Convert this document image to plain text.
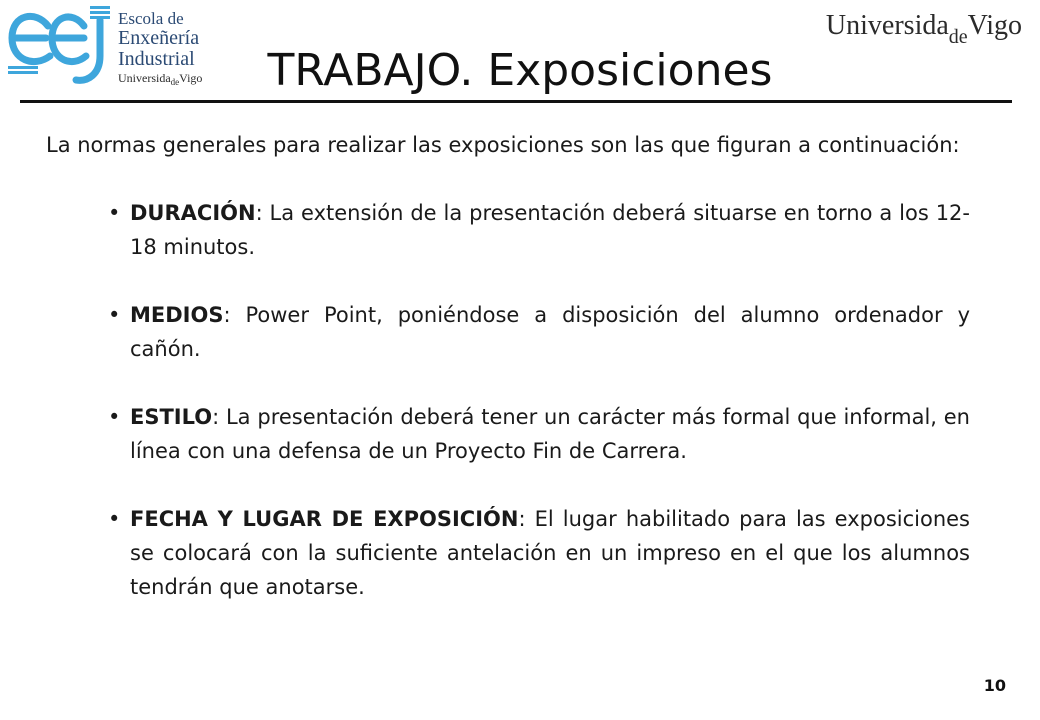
Escola de
Enxeñería
Industrial
Universida$_{de}$Vigo
Universida$_{de}$Vigo
TRABAJO. Exposiciones

La normas generales para realizar las exposiciones son las que figuran a continuación:

• DURACIÓN: La extensión de la presentación deberá situarse en torno a los 12-18 minutos.
• MEDIOS: Power Point, poniéndose a disposición del alumno ordenador y cañón.
• ESTILO: La presentación deberá tener un carácter más formal que informal, en línea con una defensa de un Proyecto Fin de Carrera.
• FECHA Y LUGAR DE EXPOSICIÓN: El lugar habilitado para las exposiciones se colocará con la suficiente antelación en un impreso en el que los alumnos tendrán que anotarse.
10
